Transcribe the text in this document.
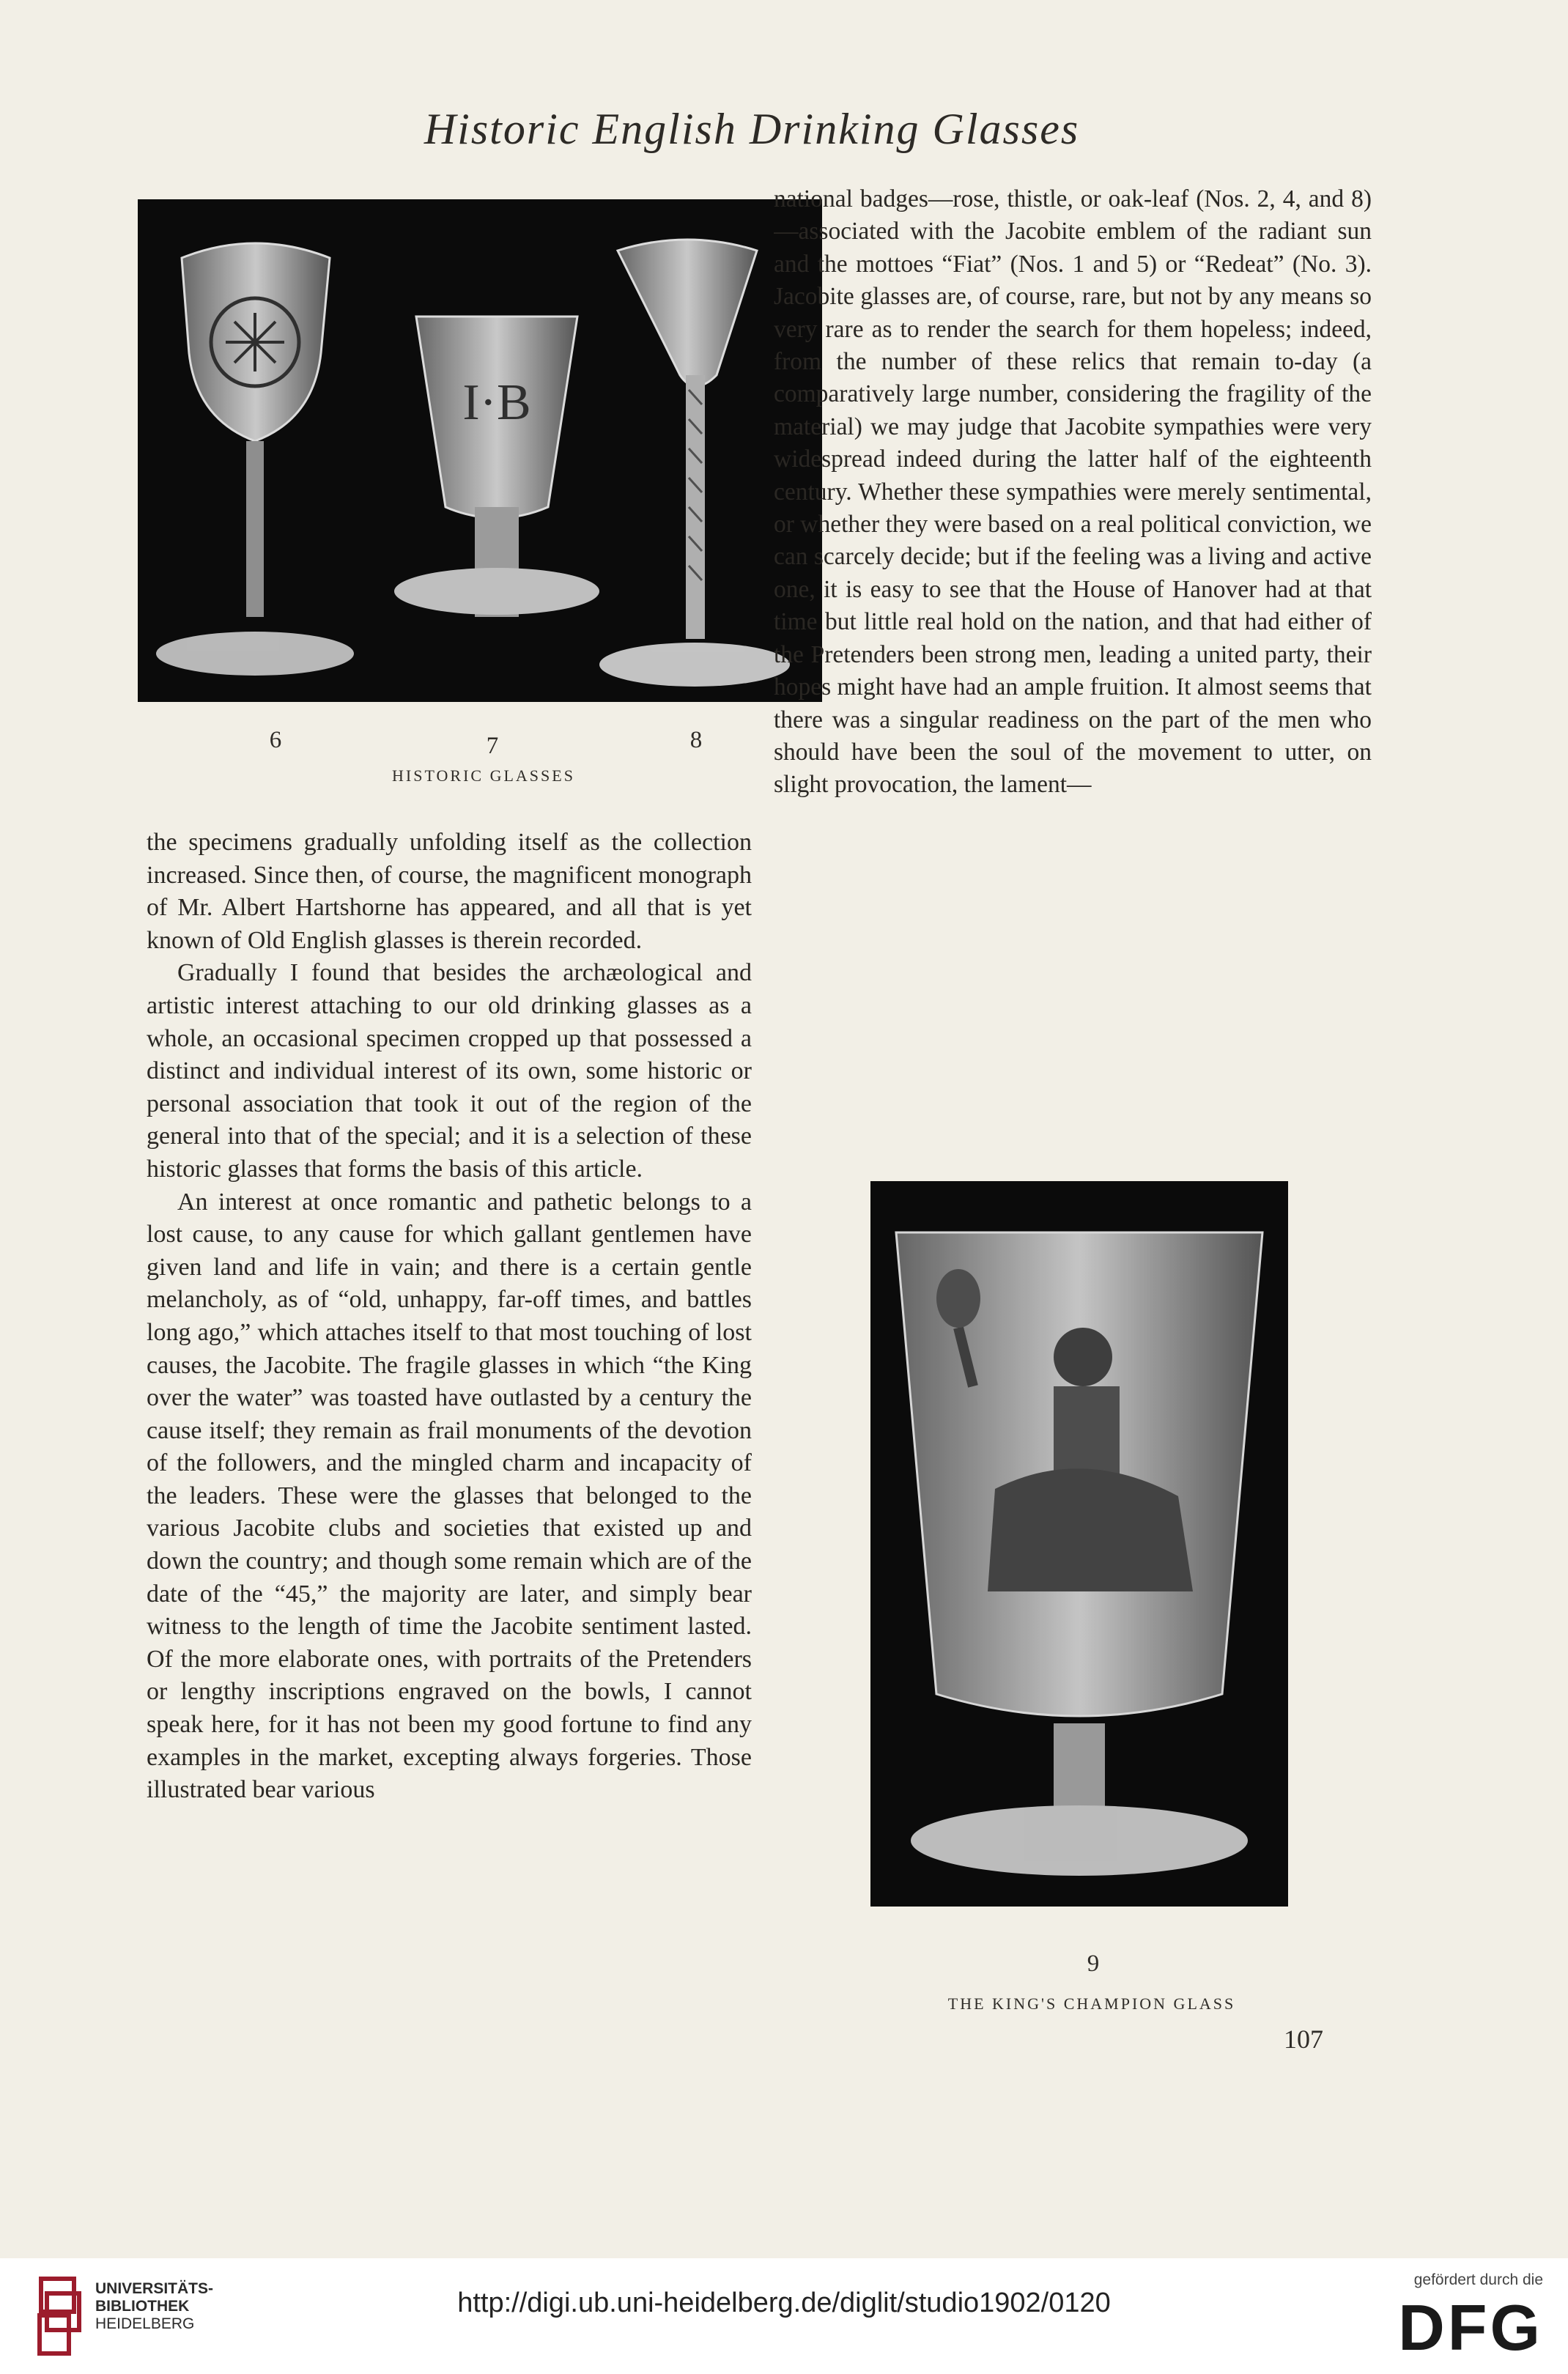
Historic English Drinking Glasses
I·B
6	7	8
HISTORIC GLASSES

national badges—rose, thistle, or oak-leaf (Nos. 2, 4, and 8)—associated with the Jacobite emblem of the radiant sun and the mottoes “Fiat” (Nos. 1 and 5) or “Redeat” (No. 3). Jacobite glasses are, of course, rare, but not by any means so very rare as to render the search for them hopeless; indeed, from the number of these relics that remain to-day (a comparatively large number, considering the fragility of the material) we may judge that Jacobite sympathies were very widespread indeed during the latter half of the eighteenth century. Whether these sympathies were merely sentimental, or whether they were based on a real political conviction, we can scarcely decide; but if the feeling was a living and active one, it is easy to see that the House of Hanover had at that time but little real hold on the nation, and that had either of the Pretenders been strong men, leading a united party, their hopes might have had an ample fruition. It almost seems that there was a singular readiness on the part of the men who should have been the soul of the movement to utter, on slight provocation, the lament—

the specimens gradually unfolding itself as the collection increased. Since then, of course, the magnificent monograph of Mr. Albert Hartshorne has appeared, and all that is yet known of Old English glasses is therein recorded.

Gradually I found that besides the archæological and artistic interest attaching to our old drinking glasses as a whole, an occasional specimen cropped up that possessed a distinct and individual interest of its own, some historic or personal association that took it out of the region of the general into that of the special; and it is a selection of these historic glasses that forms the basis of this article.

An interest at once romantic and pathetic belongs to a lost cause, to any cause for which gallant gentlemen have given land and life in vain; and there is a certain gentle melancholy, as of “old, unhappy, far-off times, and battles long ago,” which attaches itself to that most touching of lost causes, the Jacobite. The fragile glasses in which “the King over the water” was toasted have outlasted by a century the cause itself; they remain as frail monuments of the devotion of the followers, and the mingled charm and incapacity of the leaders. These were the glasses that belonged to the various Jacobite clubs and societies that existed up and down the country; and though some remain which are of the date of the “45,” the majority are later, and simply bear witness to the length of time the Jacobite sentiment lasted. Of the more elaborate ones, with portraits of the Pretenders or lengthy inscriptions engraved on the bowls, I cannot speak here, for it has not been my good fortune to find any examples in the market, excepting always forgeries. Those illustrated bear various

9
THE KING'S CHAMPION GLASS
107
UNIVERSITÄTS-
BIBLIOTHEK
HEIDELBERG
http://digi.ub.uni-heidelberg.de/diglit/studio1902/0120
gefördert durch die
DFG
